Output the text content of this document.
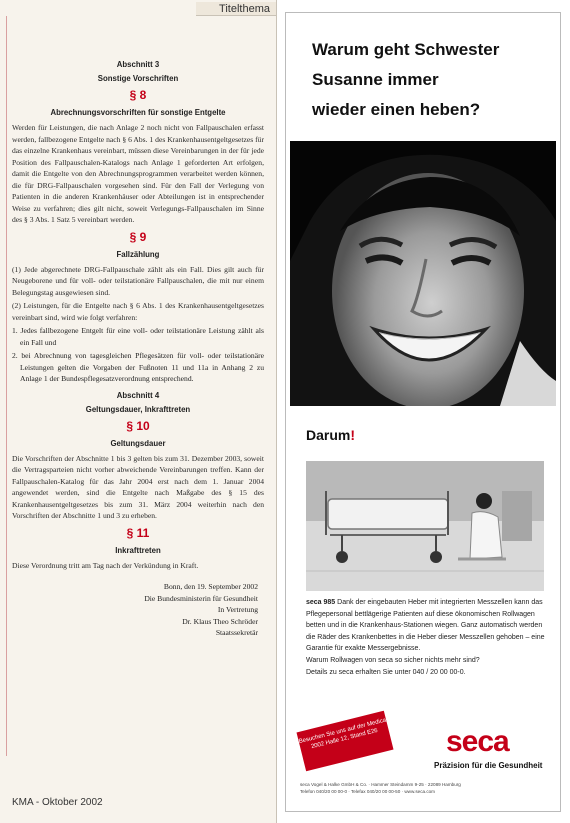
Titelthema

Abschnitt 3

Sonstige Vorschriften

§ 8

Abrechnungsvorschriften für sonstige Entgelte

Werden für Leistungen, die nach Anlage 2 noch nicht von Fallpauschalen erfasst werden, fallbezogene Entgelte nach § 6 Abs. 1 des Krankenhausentgeltgesetzes für das einzelne Krankenhaus vereinbart, müssen diese Vereinbarungen in der für jede Position des Fallpauschalen-Katalogs nach Anlage 1 geforderten Art erfolgen, damit die Entgelte von den Abrechnungsprogrammen verarbeitet werden können, die für DRG-Fallpauschalen vorgesehen sind. Für den Fall der Verlegung von Patienten in die anderen Krankenhäuser oder Abteilungen ist in entsprechender Weise zu verfahren; dies gilt nicht, soweit Verlegungs-Fallpauschalen im Sinne des § 3 Abs. 1 Satz 5 vereinbart werden.

§ 9

Fallzählung

(1) Jede abgerechnete DRG-Fallpauschale zählt als ein Fall. Dies gilt auch für Neugeborene und für voll- oder teilstationäre Fallpauschalen, die mit nur einem Belegungstag ausgewiesen sind.

(2) Leistungen, für die Entgelte nach § 6 Abs. 1 des Krankenhausentgeltgesetzes vereinbart sind, wird wie folgt verfahren:

1. Jedes fallbezogene Entgelt für eine voll- oder teilstationäre Leistung zählt als ein Fall und

2. bei Abrechnung von tagesgleichen Pflegesätzen für voll- oder teilstationäre Leistungen gelten die Vorgaben der Fußnoten 11 und 11a in Anhang 2 zu Anlage 1 der Bundespflegesatzverordnung entsprechend.

Abschnitt 4

Geltungsdauer, Inkrafttreten

§ 10

Geltungsdauer

Die Vorschriften der Abschnitte 1 bis 3 gelten bis zum 31. Dezember 2003, soweit die Vertragsparteien nicht vorher abweichende Vereinbarungen treffen. Kann der Fallpauschalen-Katalog für das Jahr 2004 erst nach dem 1. Januar 2004 angewendet werden, sind die Entgelte nach Maßgabe des § 15 des Krankenhausentgeltgesetzes bis zum 31. März 2004 weiterhin nach den Vorschriften der Abschnitte 1 und 3 zu erheben.

§ 11

Inkrafttreten

Diese Verordnung tritt am Tag nach der Verkündung in Kraft.

Bonn, den 19. September 2002
Die Bundesministerin für Gesundheit
In Vertretung
Dr. Klaus Theo Schröder
Staatssekretär
KMA - Oktober 2002
Warum geht Schwester
Susanne immer
wieder einen heben?
Darum!
seca 985 Dank der eingebauten Heber mit integrierten Messzellen kann das Pflegepersonal bettlägerige Patienten auf diese ökonomischen Rollwagen betten und in die Krankenhaus-Stationen wiegen. Ganz automatisch werden die Räder des Krankenbettes in die Heber dieser Messzellen gehoben – eine Garantie für exakte Messergebnisse.
Warum Rollwagen von seca so sicher nichts mehr sind?
Details zu seca erhalten Sie unter 040 / 20 00 00-0.
Besuchen Sie uns auf der Medica 2002 Halle 12, Stand E26	seca
Präzision für die Gesundheit
seca Vogel & Halke GmbH & Co. · Hammer Steindamm 9-25 · 22089 Hamburg
Telefon 040/20 00 00-0 · Telefax 040/20 00 00-50 · www.seca.com
